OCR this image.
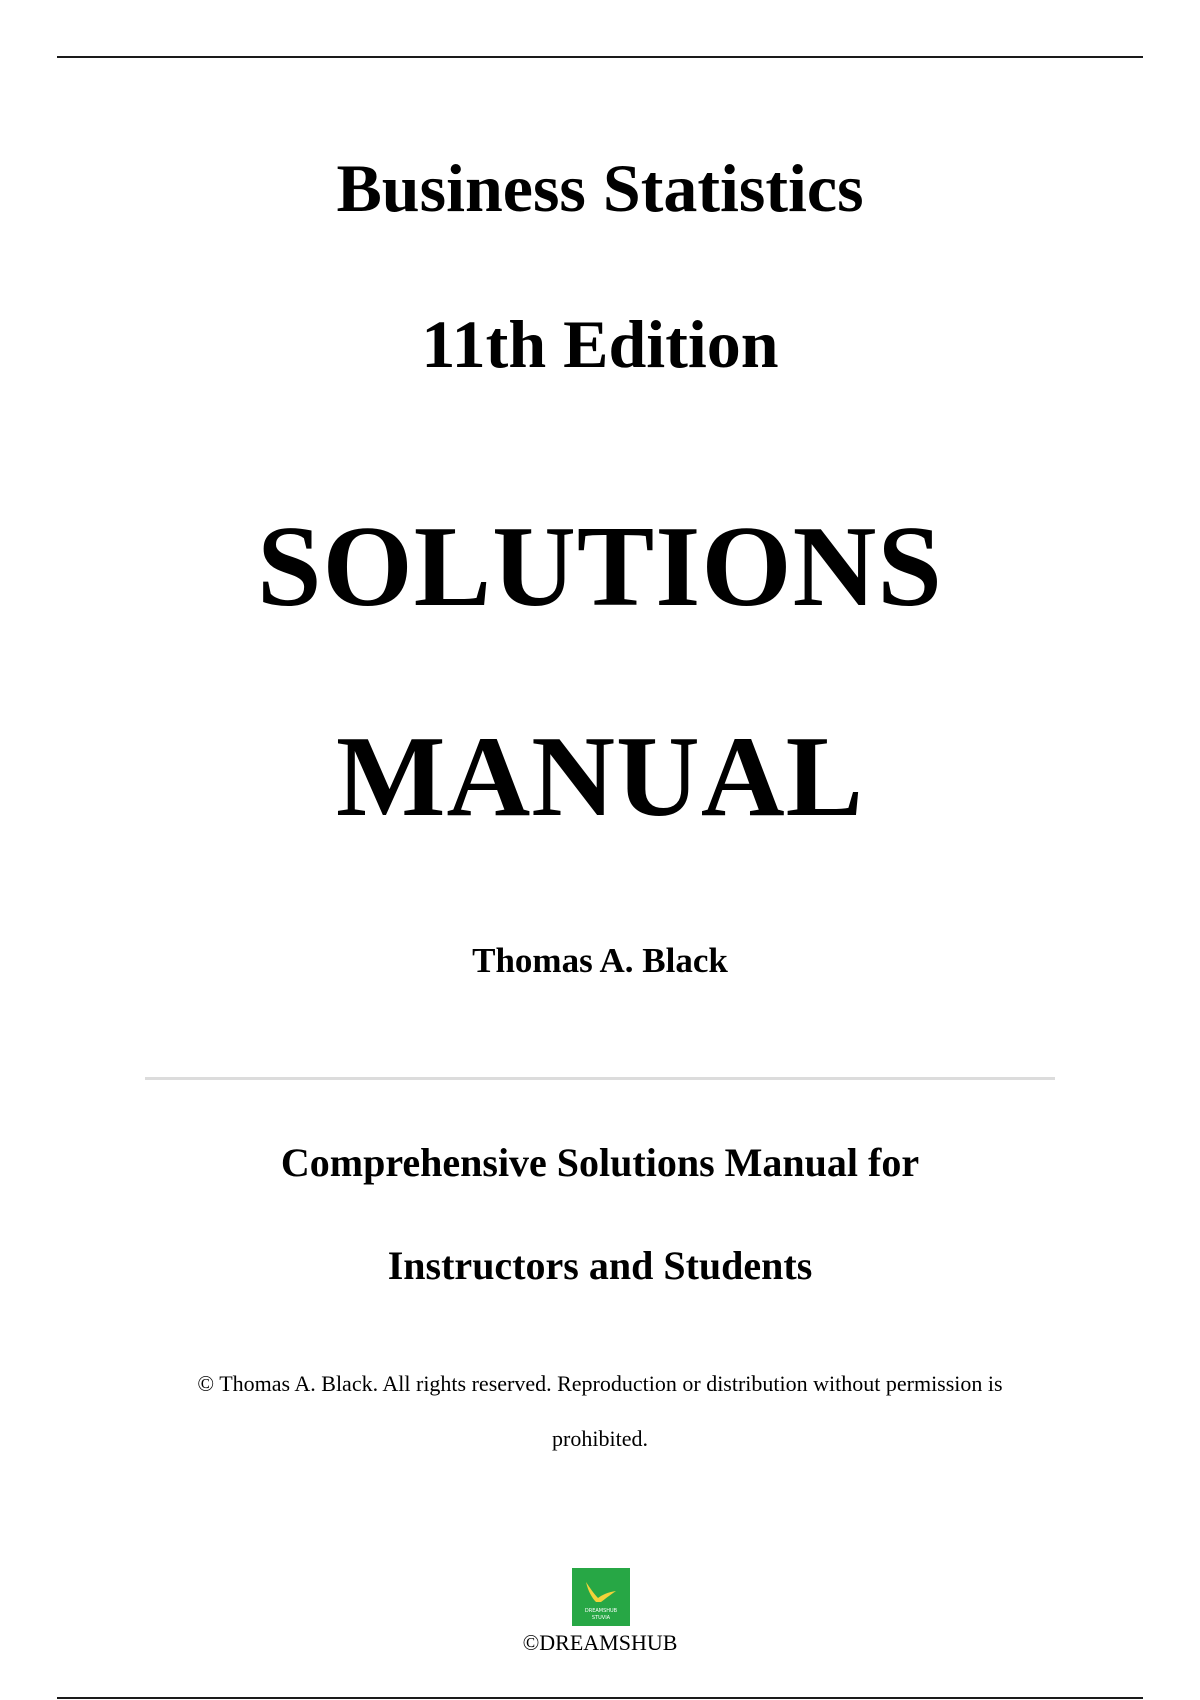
Business Statistics
11th Edition
SOLUTIONS
MANUAL
Thomas A. Black
Comprehensive Solutions Manual for
Instructors and Students
© Thomas A. Black. All rights reserved. Reproduction or distribution without permission is
prohibited.
DREAMSHUB
STUVIA
©DREAMSHUB
